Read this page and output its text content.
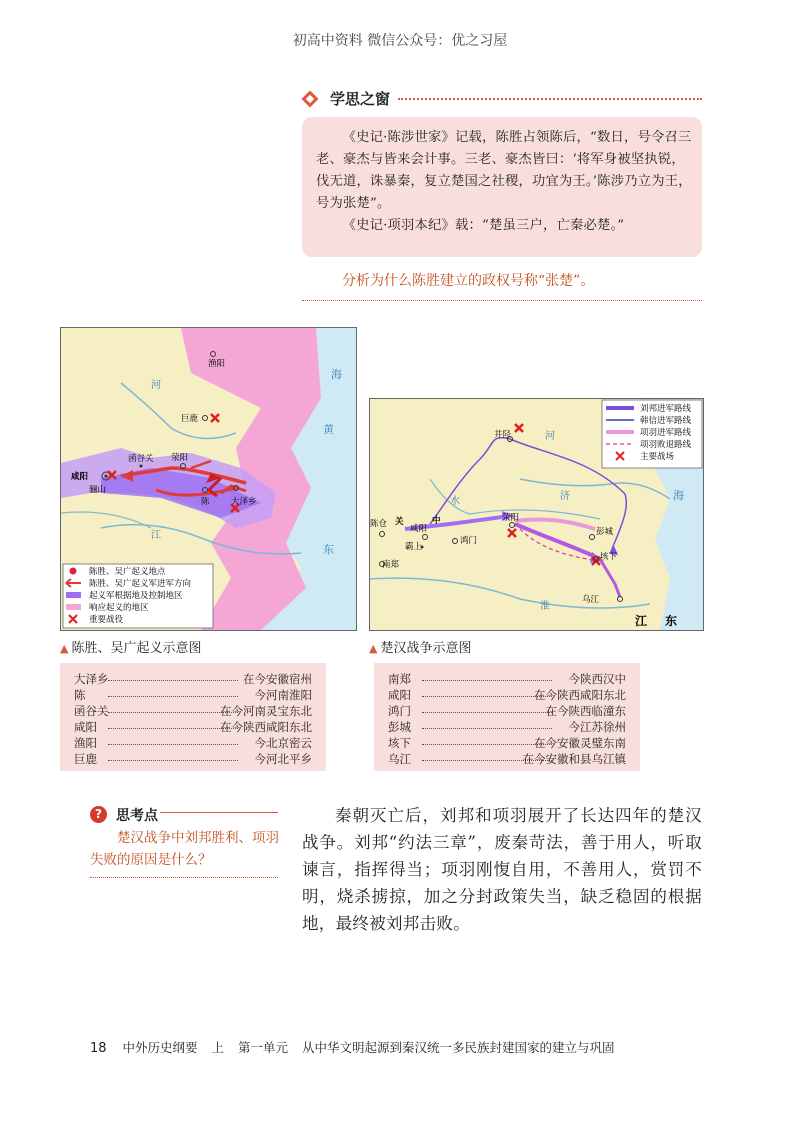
初高中资料 微信公众号：优之习屋
学思之窗

《史记·陈涉世家》记载，陈胜占领陈后，“数日，号令召三老、豪杰与皆来会计事。三老、豪杰皆曰：‘将军身被坚执锐，伐无道，诛暴秦，复立楚国之社稷，功宜为王。’陈涉乃立为王，号为张楚”。

《史记·项羽本纪》载：“楚虽三户，亡秦必楚。”

分析为什么陈胜建立的政权号称“张楚”。
渔阳
巨鹿
荥阳
函谷关
咸阳
骊山
陈	大泽乡
河
海
黄
东
江
陈胜、吴广起义地点
陈胜、吴广起义军进军方向
起义军根据地及控制地区
响应起义的地区
重要战役
▲ 陈胜、吴广起义示意图
大泽乡	在今安徽宿州
陈	今河南淮阳
函谷关	在今河南灵宝东北
咸阳	在今陕西咸阳东北
渔阳	今北京密云
巨鹿	今河北平乡
井陉
陈仓 关	中
咸阳
霸上
鸿门
荥阳
彭城
垓下
乌江
南郑
江 东
海
水	济
淮
河
刘邦进军路线
韩信进军路线
项羽进军路线
项羽败退路线
主要战场
▲ 楚汉战争示意图
南郑	今陕西汉中
咸阳	在今陕西咸阳东北
鸿门	在今陕西临潼东
彭城	今江苏徐州
垓下	在今安徽灵璧东南
乌江	在今安徽和县乌江镇
?	思考点
楚汉战争中刘邦胜利、项羽失败的原因是什么？
秦朝灭亡后，刘邦和项羽展开了长达四年的楚汉战争。刘邦“约法三章”，废秦苛法，善于用人，听取谏言，指挥得当；项羽刚愎自用，不善用人，赏罚不明，烧杀掳掠，加之分封政策失当，缺乏稳固的根据地，最终被刘邦击败。
18 中外历史纲要 上 第一单元 从中华文明起源到秦汉统一多民族封建国家的建立与巩固
